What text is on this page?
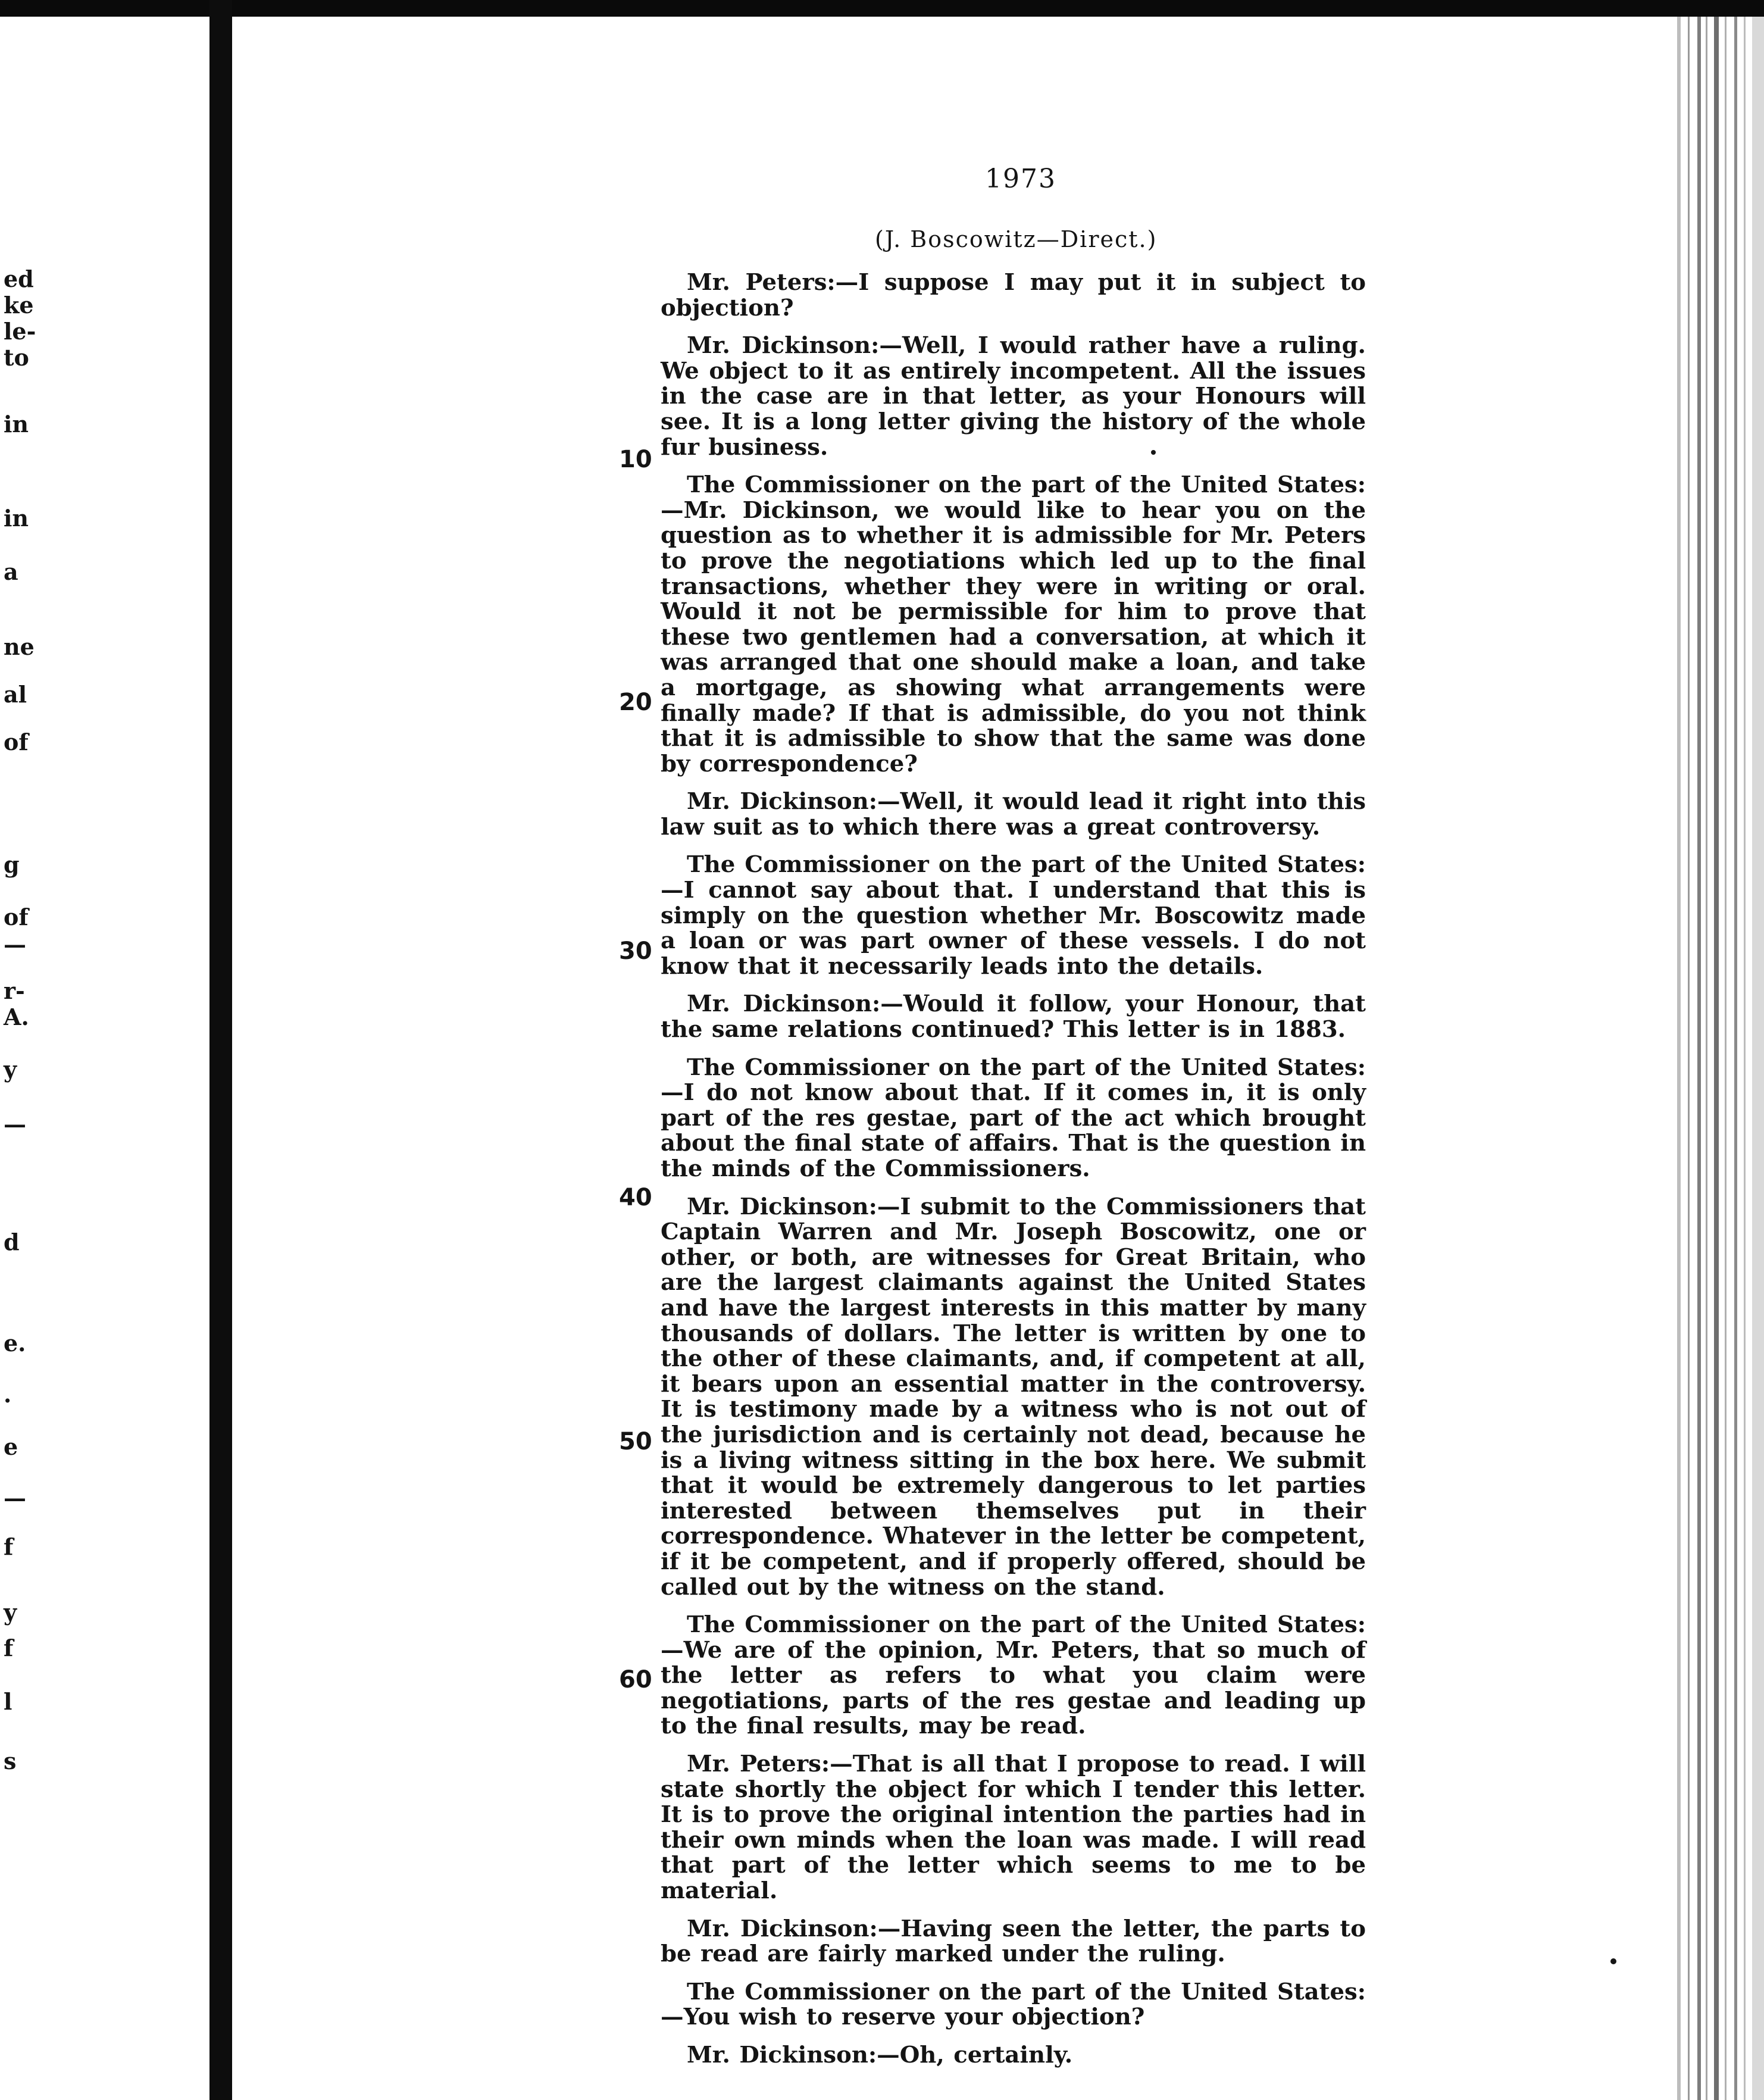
ed
ke
le-
to
in
in
a
ne
al
of
g
of
—
r-
A.
y
—
d
e.
.
e
—
f
y
f
l
s
1973
(J. Boscowitz—Direct.)
10
20
30
40
50
60

Mr. Peters:—I suppose I may put it in subject to objection?

Mr. Dickinson:—Well, I would rather have a ruling. We object to it as entirely incompetent. All the issues in the case are in that letter, as your Honours will see. It is a long letter giving the history of the whole fur business.

The Commissioner on the part of the United States:—Mr. Dickinson, we would like to hear you on the question as to whether it is admissible for Mr. Peters to prove the negotiations which led up to the final transactions, whether they were in writing or oral. Would it not be permissible for him to prove that these two gentlemen had a conversation, at which it was arranged that one should make a loan, and take a mortgage, as showing what arrangements were finally made? If that is admissible, do you not think that it is admissible to show that the same was done by correspondence?

Mr. Dickinson:—Well, it would lead it right into this law suit as to which there was a great controversy.

The Commissioner on the part of the United States:—I cannot say about that. I understand that this is simply on the question whether Mr. Boscowitz made a loan or was part owner of these vessels. I do not know that it necessarily leads into the details.

Mr. Dickinson:—Would it follow, your Honour, that the same relations continued? This letter is in 1883.

The Commissioner on the part of the United States:—I do not know about that. If it comes in, it is only part of the res gestae, part of the act which brought about the final state of affairs. That is the question in the minds of the Commissioners.

Mr. Dickinson:—I submit to the Commissioners that Captain Warren and Mr. Joseph Boscowitz, one or other, or both, are witnesses for Great Britain, who are the largest claimants against the United States and have the largest interests in this matter by many thousands of dollars. The letter is written by one to the other of these claimants, and, if competent at all, it bears upon an essential matter in the controversy. It is testimony made by a witness who is not out of the jurisdiction and is certainly not dead, because he is a living witness sitting in the box here. We submit that it would be extremely dangerous to let parties interested between themselves put in their correspondence. Whatever in the letter be competent, if it be competent, and if properly offered, should be called out by the witness on the stand.

The Commissioner on the part of the United States:—We are of the opinion, Mr. Peters, that so much of the letter as refers to what you claim were negotiations, parts of the res gestae and leading up to the final results, may be read.

Mr. Peters:—That is all that I propose to read. I will state shortly the object for which I tender this letter. It is to prove the original intention the parties had in their own minds when the loan was made. I will read that part of the letter which seems to me to be material.

Mr. Dickinson:—Having seen the letter, the parts to be read are fairly marked under the ruling.

The Commissioner on the part of the United States:—You wish to reserve your objection?

Mr. Dickinson:—Oh, certainly.
